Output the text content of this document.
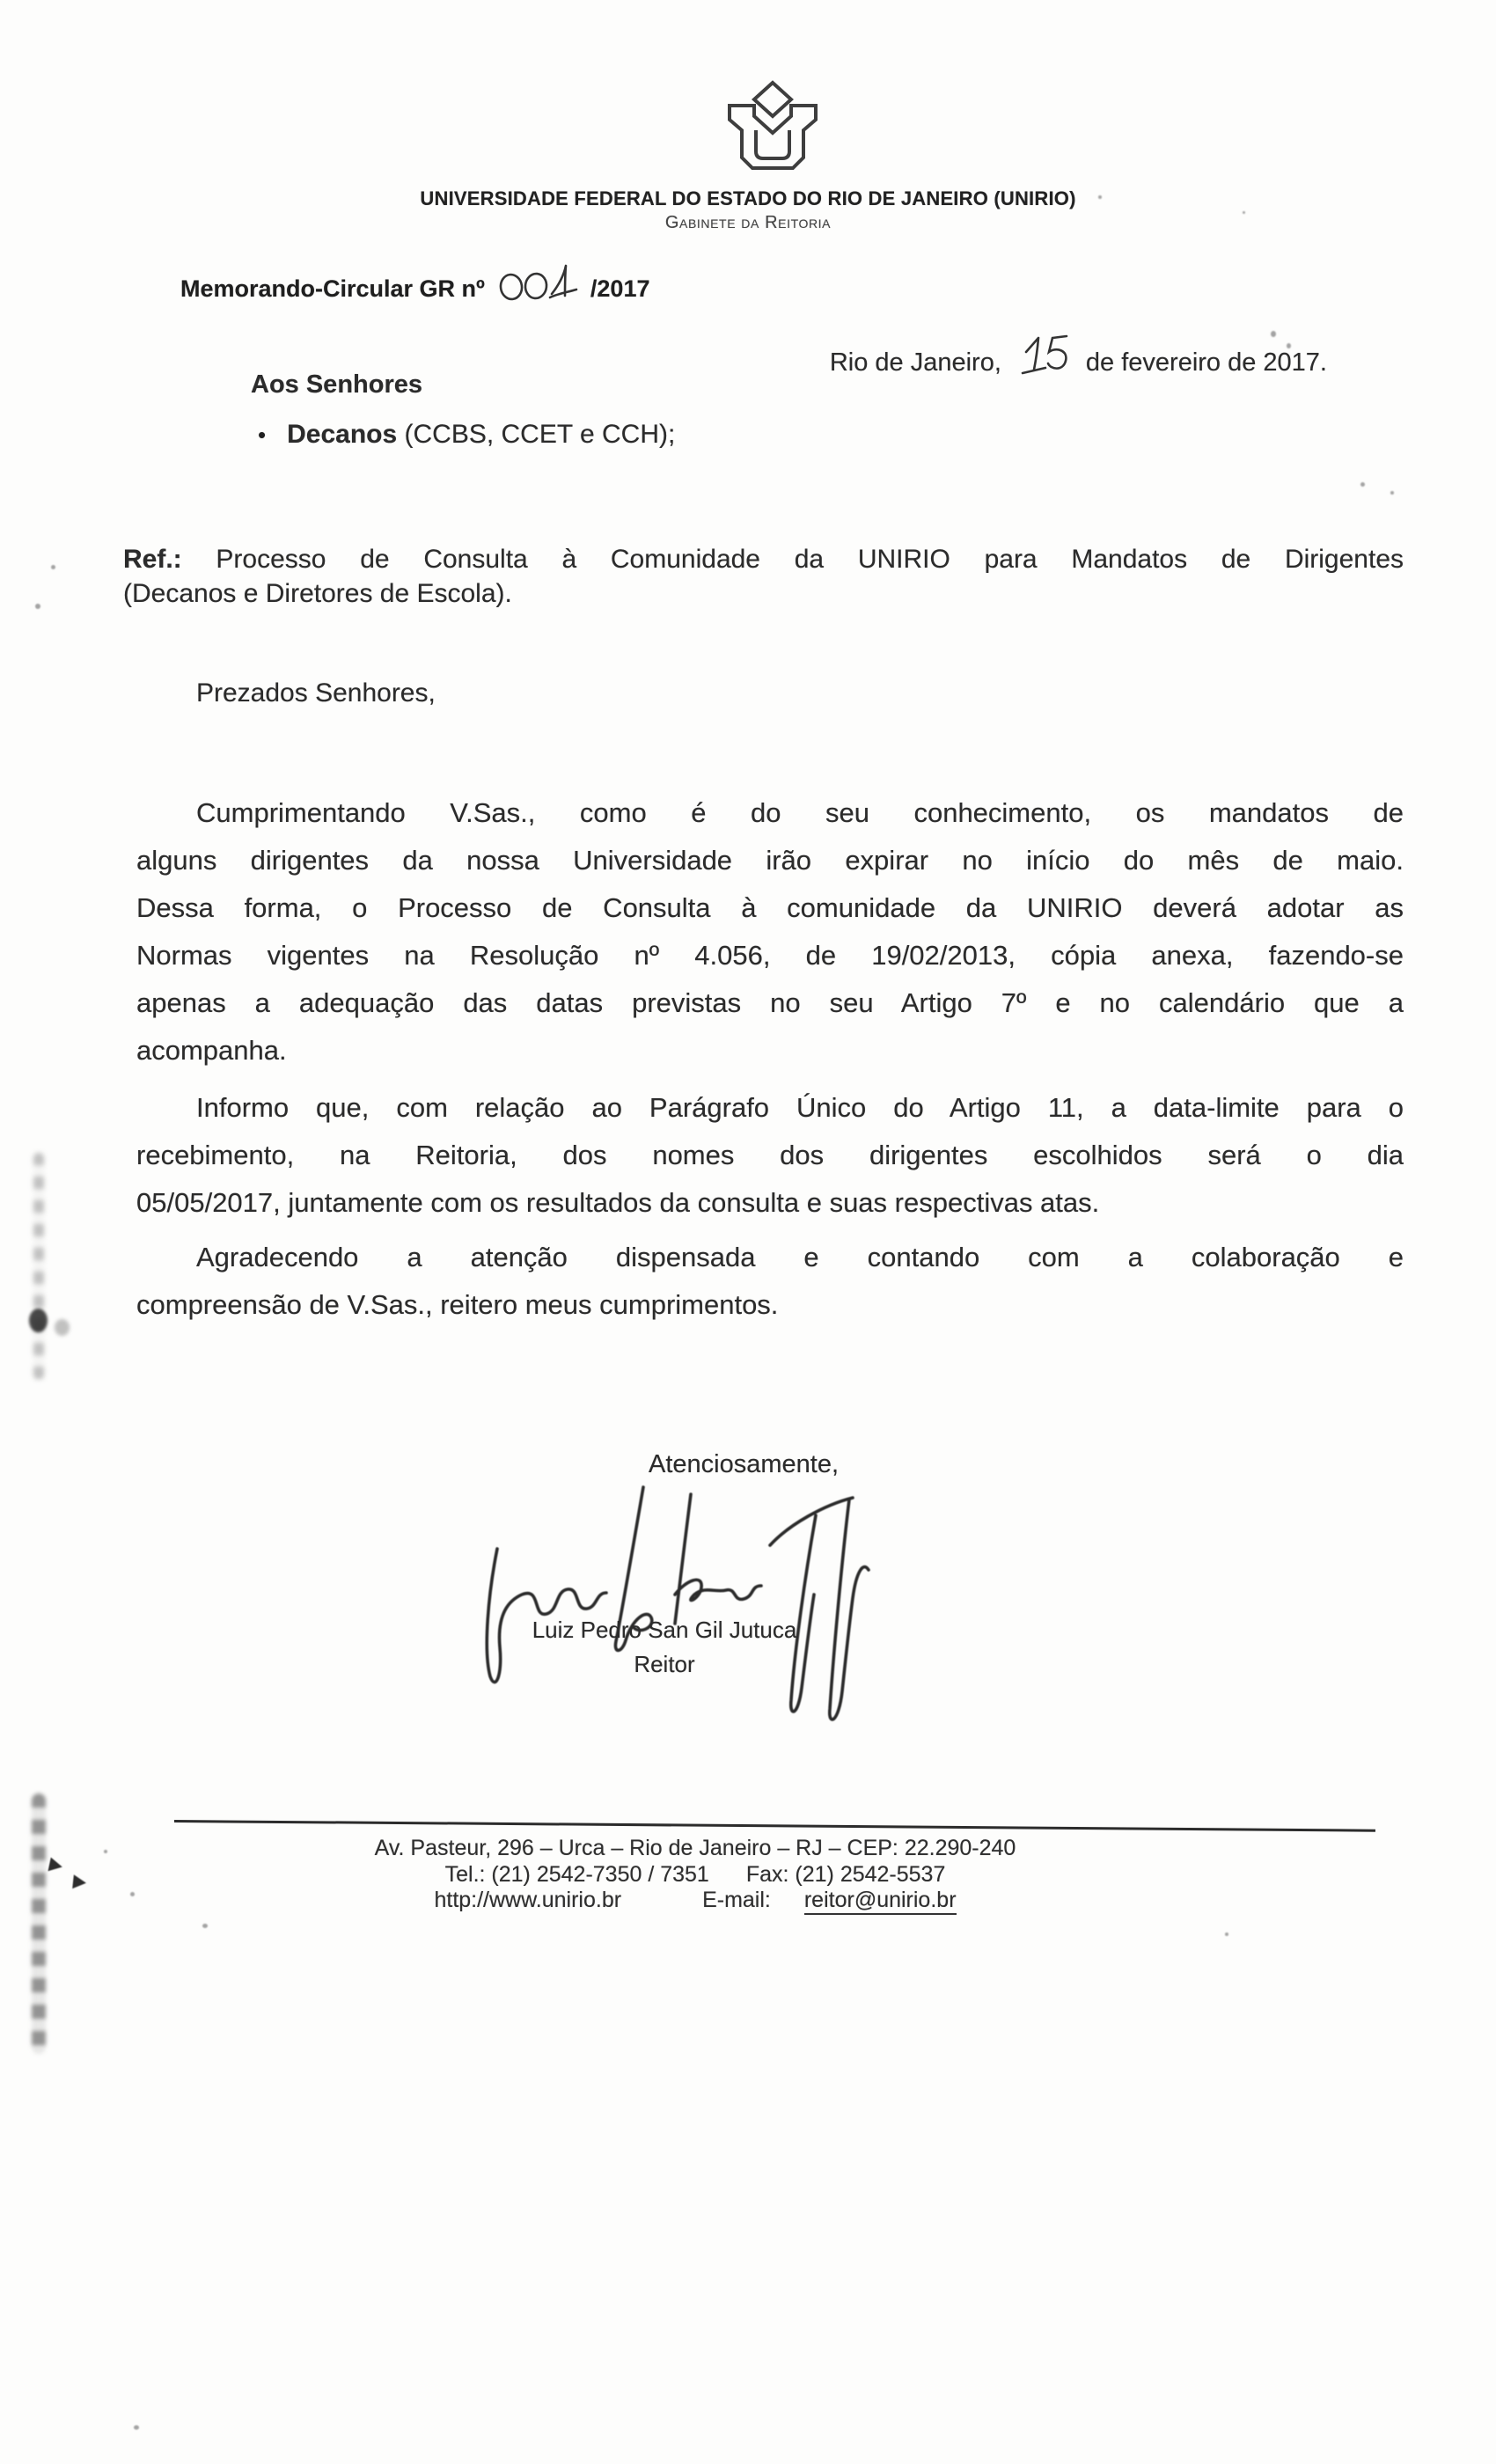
UNIVERSIDADE FEDERAL DO ESTADO DO RIO DE JANEIRO (UNIRIO)
Gabinete da Reitoria
Memorando-Circular GR nº	/2017
Rio de Janeiro,	de fevereiro de 2017.
Aos Senhores
• Decanos (CCBS, CCET e CCH);
Ref.: Processo de Consulta à Comunidade da UNIRIO para Mandatos de Dirigentes
(Decanos e Diretores de Escola).
Prezados Senhores,
Cumprimentando V.Sas., como é do seu conhecimento, os mandatos de
alguns dirigentes da nossa Universidade irão expirar no início do mês de maio.
Dessa forma, o Processo de Consulta à comunidade da UNIRIO deverá adotar as
Normas vigentes na Resolução nº 4.056, de 19/02/2013, cópia anexa, fazendo-se
apenas a adequação das datas previstas no seu Artigo 7º e no calendário que a
acompanha.
Informo que, com relação ao Parágrafo Único do Artigo 11, a data-limite para o
recebimento, na Reitoria, dos nomes dos dirigentes escolhidos será o dia
05/05/2017, juntamente com os resultados da consulta e suas respectivas atas.
Agradecendo a atenção dispensada e contando com a colaboração e
compreensão de V.Sas., reitero meus cumprimentos.
Atenciosamente,
Luiz Pedro San Gil Jutuca
Reitor
Av. Pasteur, 296 – Urca – Rio de Janeiro – RJ – CEP: 22.290-240
Tel.: (21) 2542-7350 / 7351 Fax: (21) 2542-5537
http://www.unirio.br	E-mail: reitor@unirio.br
